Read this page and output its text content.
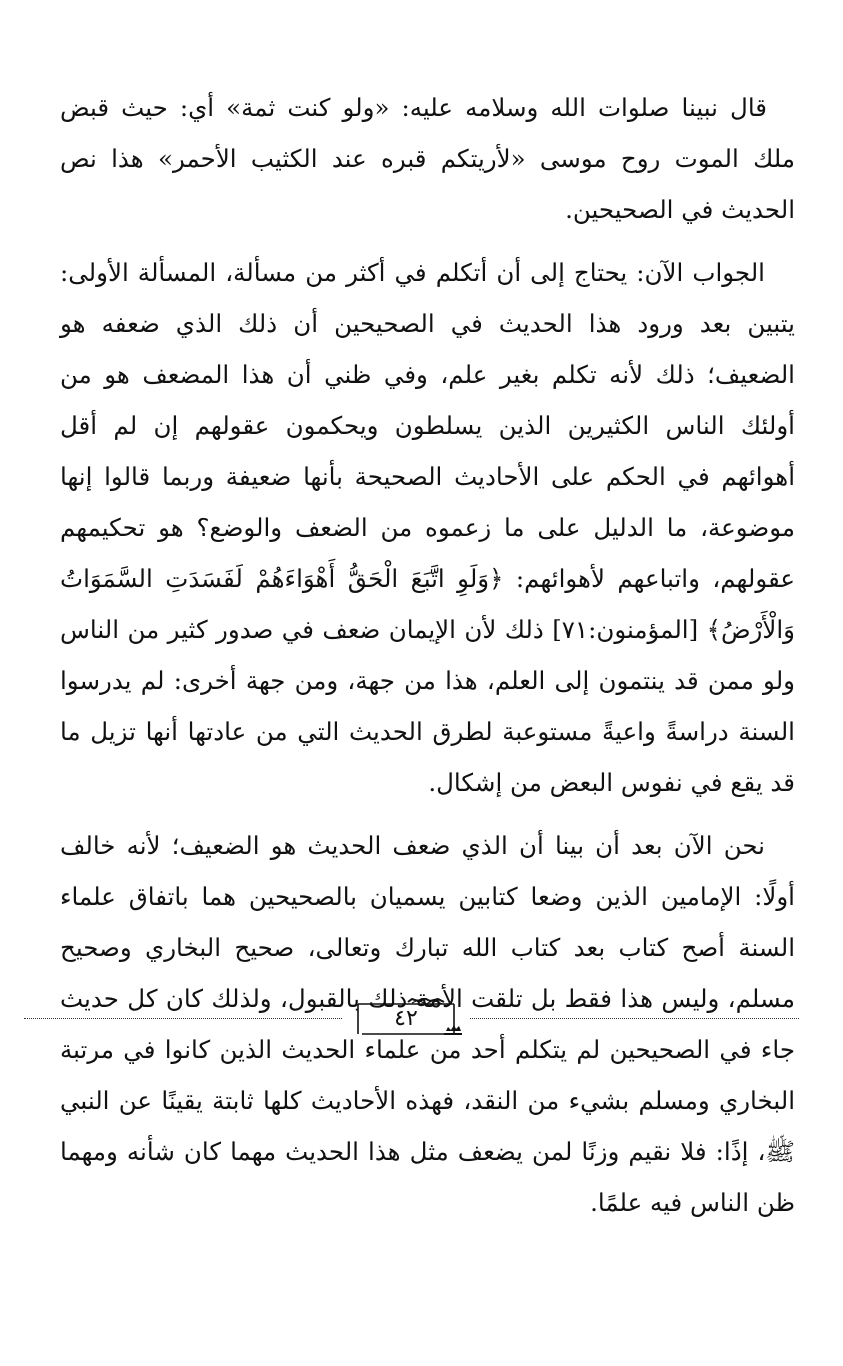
قال نبينا صلوات الله وسلامه عليه: «ولو كنت ثمة» أي: حيث قبض ملك الموت روح موسى «لأريتكم قبره عند الكثيب الأحمر» هذا نص الحديث في الصحيحين.

الجواب الآن: يحتاج إلى أن أتكلم في أكثر من مسألة، المسألة الأولى: يتبين بعد ورود هذا الحديث في الصحيحين أن ذلك الذي ضعفه هو الضعيف؛ ذلك لأنه تكلم بغير علم، وفي ظني أن هذا المضعف هو من أولئك الناس الكثيرين الذين يسلطون ويحكمون عقولهم إن لم أقل أهوائهم في الحكم على الأحاديث الصحيحة بأنها ضعيفة وربما قالوا إنها موضوعة، ما الدليل على ما زعموه من الضعف والوضع؟ هو تحكيمهم عقولهم، واتباعهم لأهوائهم: ﴿وَلَوِ اتَّبَعَ الْحَقُّ أَهْوَاءَهُمْ لَفَسَدَتِ السَّمَوَاتُ وَالْأَرْضُ﴾ [المؤمنون:٧١] ذلك لأن الإيمان ضعف في صدور كثير من الناس ولو ممن قد ينتمون إلى العلم، هذا من جهة، ومن جهة أخرى: لم يدرسوا السنة دراسةً واعيةً مستوعبة لطرق الحديث التي من عادتها أنها تزيل ما قد يقع في نفوس البعض من إشكال.

نحن الآن بعد أن بينا أن الذي ضعف الحديث هو الضعيف؛ لأنه خالف أولًا: الإمامين الذين وضعا كتابين يسميان بالصحيحين هما باتفاق علماء السنة أصح كتاب بعد كتاب الله تبارك وتعالى، صحيح البخاري وصحيح مسلم، وليس هذا فقط بل تلقت الأمة ذلك بالقبول، ولذلك كان كل حديث جاء في الصحيحين لم يتكلم أحد من علماء الحديث الذين كانوا في مرتبة البخاري ومسلم بشيء من النقد، فهذه الأحاديث كلها ثابتة يقينًا عن النبي ﷺ، إذًا: فلا نقيم وزنًا لمن يضعف مثل هذا الحديث مهما كان شأنه ومهما ظن الناس فيه علمًا.

٤٢
